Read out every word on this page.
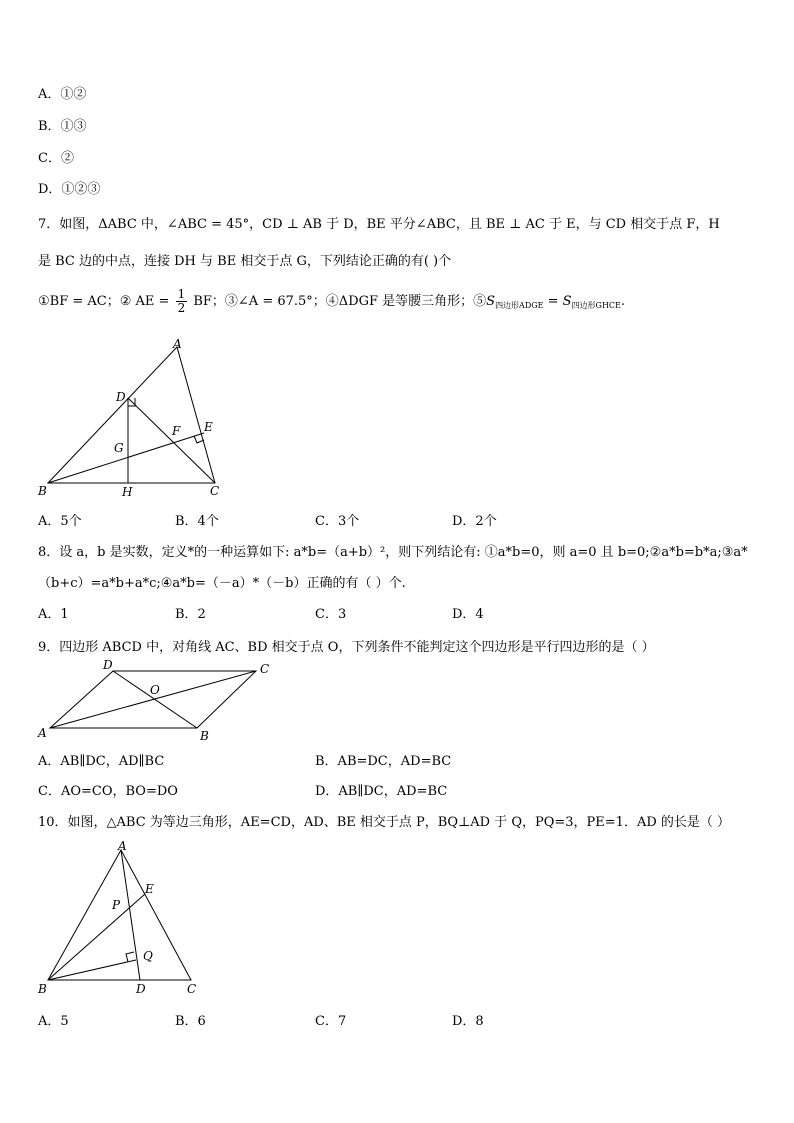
A．①②
B．①③
C．②
D．①②③
7．如图，ΔABC 中，∠ABC = 45°，CD ⊥ AB 于 D，BE 平分∠ABC，且 BE ⊥ AC 于 E，与 CD 相交于点 F，H
是 BC 边的中点，连接 DH 与 BE 相交于点 G，下列结论正确的有( )个
①BF = AC；② AE = $\frac{1}{2}$ BF；③∠A = 67.5°；④ΔDGF 是等腰三角形；$⑤S_{四边形ADGE} = S_{四边形GHCE}$.
A
B	C
D
E
F
G
H
A．5个	B．4个	C．3个	D．2个
8．设 a，b 是实数，定义*的一种运算如下: a*b=（a+b）²，则下列结论有: ①a*b=0，则 a=0 且 b=0;②a*b=b*a;③a*
（b+c）=a*b+a*c;④a*b=（－a）*（－b）正确的有（ ）个.
A．1	B．2	C．3	D．4
9．四边形 ABCD 中，对角线 AC、BD 相交于点 O，下列条件不能判定这个四边形是平行四边形的是（ ）
A	B
C
D
O
A．AB∥DC，AD∥BC	B．AB=DC，AD=BC
C．AO=CO，BO=DO	D．AB∥DC，AD=BC
10．如图，△ABC 为等边三角形，AE=CD，AD、BE 相交于点 P，BQ⊥AD 于 Q，PQ=3，PE=1．AD 的长是（ ）
A
B	C
D
E
P
Q
A．5	B．6	C．7	D．8
